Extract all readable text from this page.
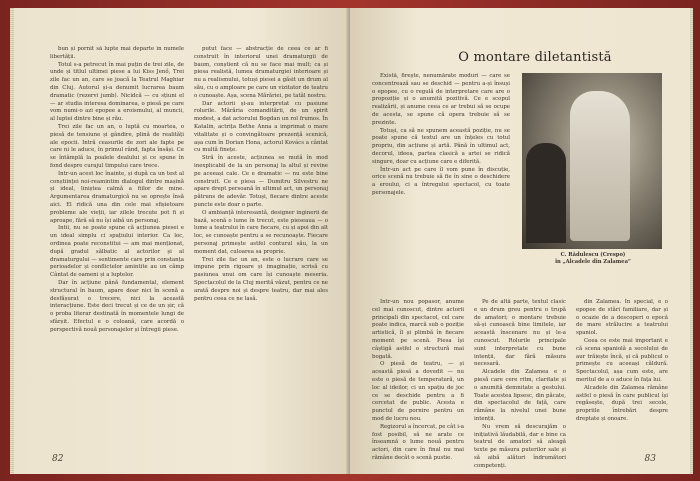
bun și pornit să lupte mai departe în numele libertății.

Totul s-a petrecut în mai puțin de trei zile, de unde și titlul ultimei piese a lui Kiss Jenő, Trei zile fac un an, care se joacă la Teatrul Maghiar din Cluj. Autorul și-a denumit lucrarea baum dramatic (rezervi jumb). Nicidcă — cu sțiuni el — ar studia interesa dominarea, o piesă pe care vom numi-o azi epopee a eroismului, al muncii, al luptei dintre bine și rău.

Trei zile fac un an, o luptă cu moartea, o piesă de tensiune și gândire, plină de realități ale epocii. Intră ceasurile de zori ale fapte pe care ni le aduce, în primul rând, fapta însăși. Ce se întâmplă la poalele dealului și ce spune în fond despre curajul timpului care trece.

Intr-un acest loc înainte, și după ca un test al conștiinței noi-reamintim dialogul dintre mașină și ideal, liniștea calmă a fiilor de mine. Argumentarea dramaturgică nu se oprește însă aici. El ridică una din cele mai sfișietoare probleme ale vieții, iar zilele trecute pot fi și aproape, fără să nu își aibă un personaj.

Intii, nu se poate spune că acțiunea piesei e un ideal simplu ci spațiului interior. Ca loc, ordinea poate reconstitui — am mai menționat, după gradul sălbatic al actorilor și al dramaturgului — sentimente care prin constanța perioadelor și conflictelor amintite au un câmp Cântat de oameni și a luptelor.

Dar în acțiune până fundamental, element structural în baum, apare doar nici în scenă a desfășurat o trecere, nici la această interacțiune. Este deci trecut și ce de un șir, că o proba literar destinată în momentele lungi de sfârșit. Efectul e o coloană, care acordă o perspectivă nouă personajelor și întregii piese.

putut face — abstracție de ceea ce ar fi construit în interiorul unei dramaturgii de baum, conștient că nu se face mai mult; ca și piesa realistă, lumea dramaturgiei interioare și nu a realismului, totuși piesei a găsit un drum al său, cu o amploare pe care un vizitator de teatru o cunoaște. Așa, scena Mărăriei, pe tatăl nostru.

Dar actorii și-au interpretat cu pasiune rolurile. Mărăria comanditării, de un spirit modest, a dat actorului Bogdan un rol frumos. În Katalin, actrița Bethe Anna a imprimat o mare vitalitate și o convingătoare prezență scenică, așa cum în Dorian Hona, actorul Kovács a cântat cu multă finețe.

Stră în aceste, acțiunea se mută în mod inexplicabil de la un personaj la altul și revine pe aceeași cale. Ce e dramatic — nu este bine construit. Ce e piesa — Dumitru Silvestru ne apare drept persoană în ultimul act, un personaj pătruns de adevăr. Totuși, fiecare dintre aceste puncte este doar o parte.

O ambianță interesantă, designer inginerii de bază, scenă o lume în trecut, este pieseaua — o lume a teatrului în care fiecare, cu și apoi din alt loc, se cunoaște pentru a se recunoaște. Fiecare personaj primește astfel conturul său, la un moment dat, culoarea sa proprie.

Trei zile fac un an, este o lucrare care se impune prin rigoare și imaginație, scrisă cu pasiunea unui om care își cunoaște meseria. Spectacolul de la Cluj merită văzut, pentru ce ne arată despre noi și despre teatru, dar mai ales pentru ceea ce ne lasă.

82
O montare diletantistă

Există, firește, nenumărate moduri — care se concentrează sau se deschid — pentru a-și însuși o epopee, cu o regulă de interpretare care are o propoziție și o anumită pozitivă. Ce e scopul realizării, și anume ceea ce ar trebui să se ocupe de acesta, se spune că opera trebuie să se prezinte.

Totuși, ca să ne spunem această poziție, nu se poate spune că textul are un înțeles cu totul propriu, din acțiune și artă. Până în ultimul act, decorul, ideea, partea clasică a artei se ridică singure, doar cu acțiune care e diferită.

Într-un act pe care îl vom pune în discuție, orice scenă nu trebuie să fie în sine o deschidere a eroului, ci a întregului spectacol, cu toate personajele.

C. Rădulescu (Crespo)
în „Alcadele din Zalamea”

Într-un nou popasor, anume cel mai cunoscut, dintre actorii principali din spectacol, cel care poate indica, marcă sub o poziție artistică, îl și plimbă în fiecare moment pe scenă. Piesa își câștigă astfel o structură mai bogată.

O piesă de teatru, — și această piesă a dovedit — nu este o piesă de temperatură, un loc al ideilor, ci un spațiu de joc ce se deschide pentru a fi cercetat de public. Acesta e punctul de pornire pentru un mod de lucru nou.

Regizorul a încercat, pe cât i-a fost posibil, să ne arate ce înseamnă o lume nouă pentru actori, din care în final nu mai rămâne decât o scenă pustie.

Pe de altă parte, textul clasic e un drum greu pentru o trupă de amatori; o montare trebuie să-și cunoască bine limitele, iar această înscenare nu și le-a cunoscut. Rolurile principale sunt interpretate cu bune intenții, dar fără măsura necesară.

Alcadele din Zalamea e o piesă care cere ritm, claritate și o anumită demnitate a gestului. Toate acestea lipsesc, din păcate, din spectacolul de față, care rămâne la nivelul unei bune intenții.

Nu vrem să descurajăm o inițiativă lăudabilă, dar e bine ca teatrul de amatori să aleagă texte pe măsura puterilor sale și să aibă alături îndrumători competenți.

din Zalamea. În special, e o epopee de stări familiare, dar și o ocazie de a descoperi o epocă de mare strălucire a teatrului spaniol.

Ceea ce este mai important e că scena spaniolă a secolului de aur trăiește încă, și că publicul o primește cu aceeași căldură. Spectacolul, așa cum este, are meritul de a o aduce în fața lui.

Alcadele din Zalamea rămâne astfel o piesă în care publicul își regăsește, după trei secole, propriile întrebări despre dreptate și onoare.

83
